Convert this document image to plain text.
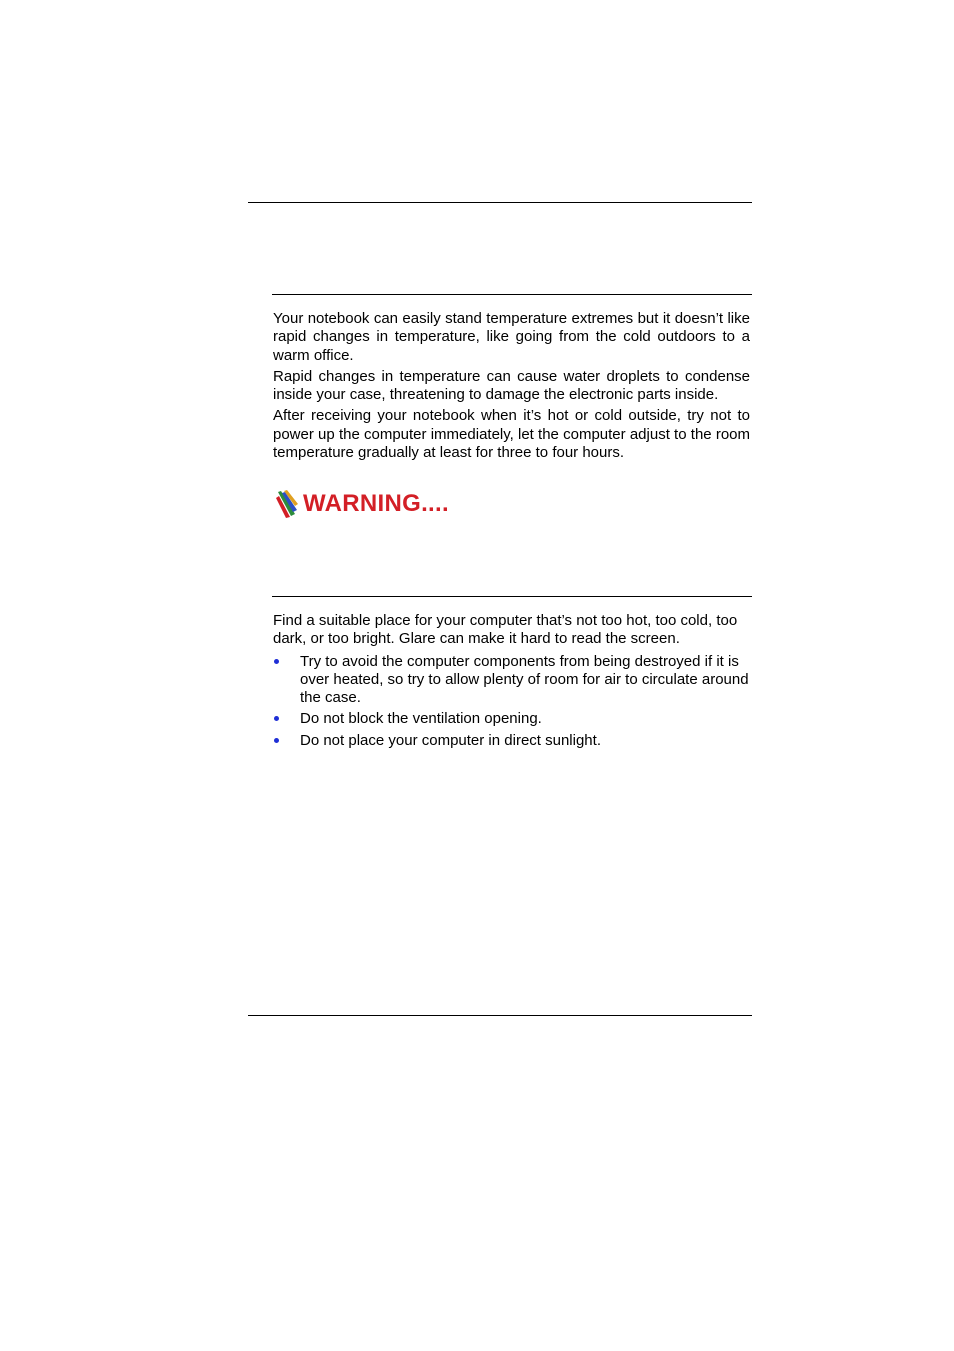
Your notebook can easily stand temperature extremes but it doesn’t like rapid changes in temperature, like going from the cold outdoors to a warm office.

Rapid changes in temperature can cause water droplets to condense inside your case, threatening to damage the electronic parts inside.

After receiving your notebook when it’s hot or cold outside, try not to power up the computer immediately, let the computer adjust to the room temperature gradually at least for three to four hours.

WARNING....

Find a suitable place for your computer that’s not too hot, too cold, too dark, or too bright. Glare can make it hard to read the screen.

Try to avoid the computer components from being destroyed if it is over heated, so try to allow plenty of room for air to circulate around the case.
Do not block the ventilation opening.
Do not place your computer in direct sunlight.
